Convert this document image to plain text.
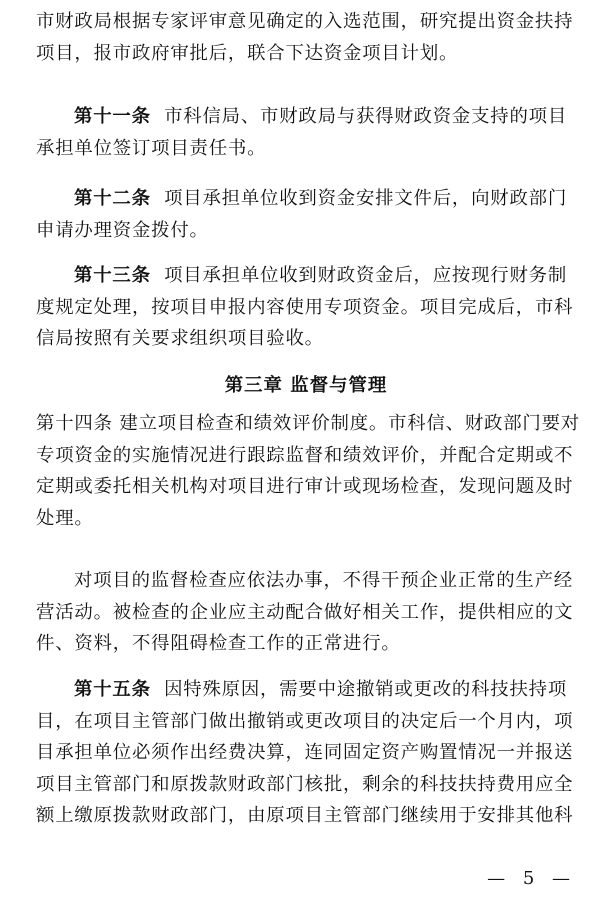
市财政局根据专家评审意见确定的入选范围，研究提出资金扶持
项目，报市政府审批后，联合下达资金项目计划。

第十一条 市科信局、市财政局与获得财政资金支持的项目
承担单位签订项目责任书。

第十二条 项目承担单位收到资金安排文件后，向财政部门
申请办理资金拨付。

第十三条 项目承担单位收到财政资金后，应按现行财务制
度规定处理，按项目申报内容使用专项资金。项目完成后，市科
信局按照有关要求组织项目验收。

第三章 监督与管理

第十四条 建立项目检查和绩效评价制度。市科信、财政部门要对
专项资金的实施情况进行跟踪监督和绩效评价，并配合定期或不
定期或委托相关机构对项目进行审计或现场检查，发现问题及时
处理。

对项目的监督检查应依法办事，不得干预企业正常的生产经
营活动。被检查的企业应主动配合做好相关工作，提供相应的文
件、资料，不得阻碍检查工作的正常进行。

第十五条 因特殊原因，需要中途撤销或更改的科技扶持项
目，在项目主管部门做出撤销或更改项目的决定后一个月内，项
目承担单位必须作出经费决算，连同固定资产购置情况一并报送
项目主管部门和原拨款财政部门核批，剩余的科技扶持费用应全
额上缴原拨款财政部门，由原项目主管部门继续用于安排其他科

— 5 —
